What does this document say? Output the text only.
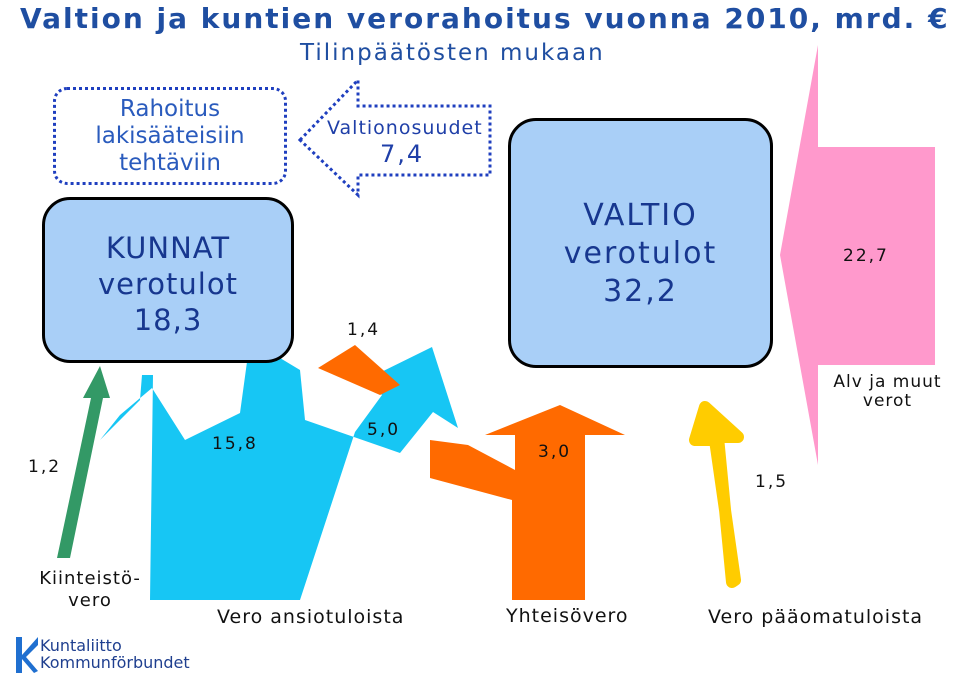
Valtion ja kuntien verorahoitus vuonna 2010, mrd. €
Tilinpäätösten mukaan
Rahoitus
lakisääteisiin
tehtäviin
KUNNAT
verotulot
18,3
VALTIO
verotulot
32,2
Valtionosuudet
7,4
22,7
1,4
1,2
15,8
5,0
3,0
1,5
Alv ja muut verot
Kiinteistö- vero
Vero ansiotuloista	Yhteisövero	Vero pääomatuloista
Kuntaliitto
Kommunförbundet
